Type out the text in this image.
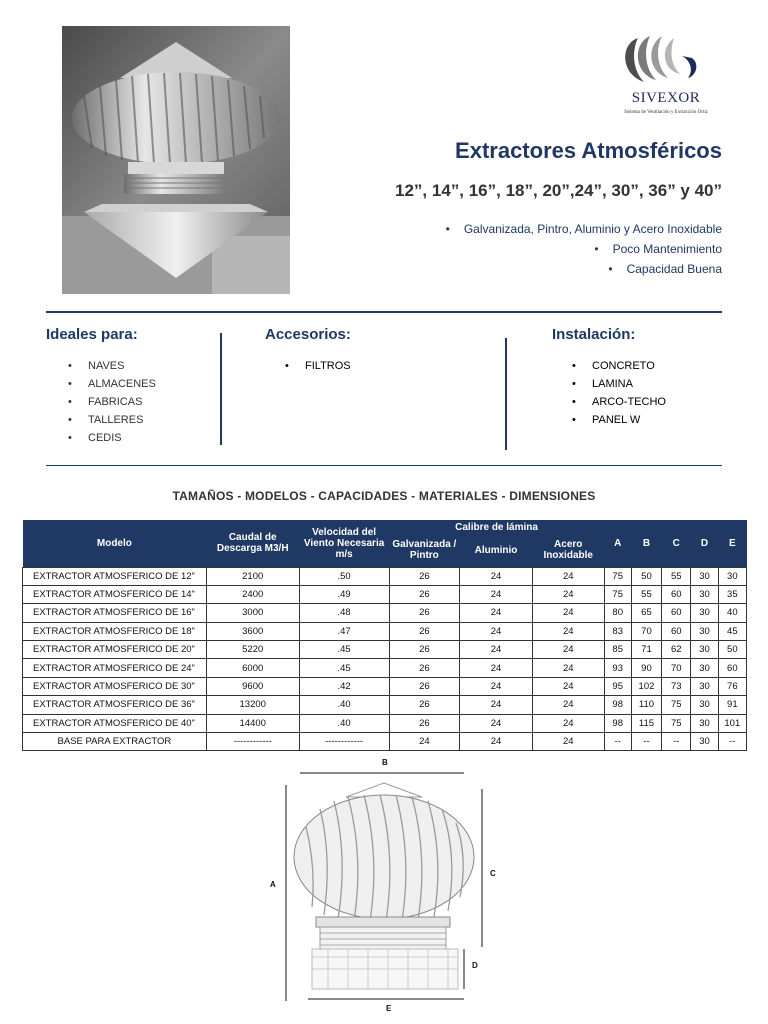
SIVEXOR
Sistema de Ventilación y Extracción Ortiz
Extractores Atmosféricos
12”, 14”, 16”, 18”, 20”,24”, 30”, 36” y 40”
• Galvanizada, Pintro, Aluminio y Acero Inoxidable
• Poco Mantenimiento
• Capacidad Buena
Ideales para:
• NAVES
• ALMACENES
• FABRICAS
• TALLERES
• CEDIS
Accesorios:
• FILTROS
Instalación:
• CONCRETO
• LAMINA
• ARCO-TECHO
• PANEL W
TAMAÑOS - MODELOS - CAPACIDADES - MATERIALES - DIMENSIONES
Modelo	Caudal de Descarga M3/H	Velocidad del Viento Necesaria m/s	Calibre de lámina			A	B	C	D	E
			Galvanizada / Pintro	Aluminio	Acero Inoxidable					
EXTRACTOR ATMOSFERICO DE 12"	2100	.50	26	24	24	75	50	55	30	30
EXTRACTOR ATMOSFERICO DE 14"	2400	.49	26	24	24	75	55	60	30	35
EXTRACTOR ATMOSFERICO DE 16"	3000	.48	26	24	24	80	65	60	30	40
EXTRACTOR ATMOSFERICO DE 18"	3600	.47	26	24	24	83	70	60	30	45
EXTRACTOR ATMOSFERICO DE 20"	5220	.45	26	24	24	85	71	62	30	50
EXTRACTOR ATMOSFERICO DE 24"	6000	.45	26	24	24	93	90	70	30	60
EXTRACTOR ATMOSFERICO DE 30"	9600	.42	26	24	24	95	102	73	30	76
EXTRACTOR ATMOSFERICO DE 36"	13200	.40	26	24	24	98	110	75	30	91
EXTRACTOR ATMOSFERICO DE 40"	14400	.40	26	24	24	98	115	75	30	101
BASE PARA EXTRACTOR	------------	------------	24	24	24	--	--	--	30	--
B
A
C
D
E
